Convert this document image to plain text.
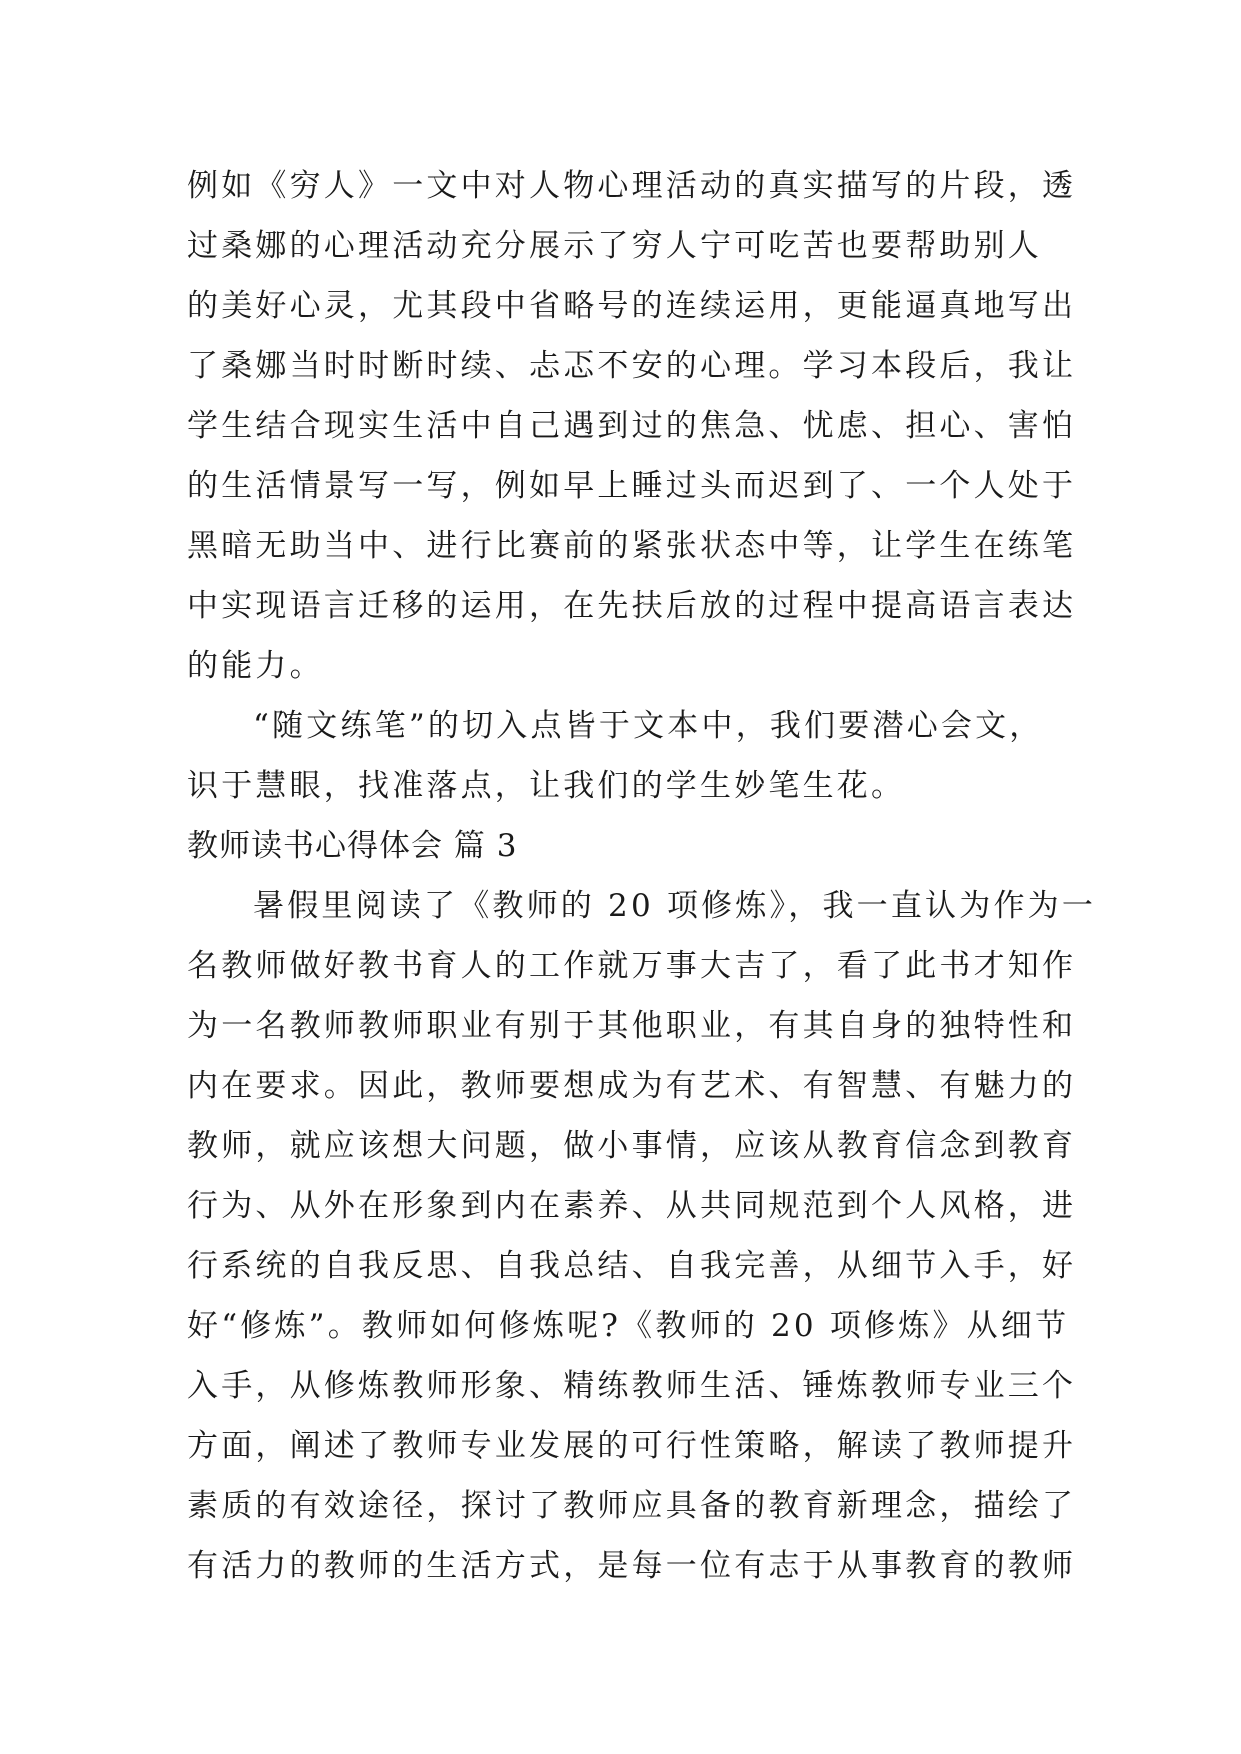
例如《穷人》一文中对人物心理活动的真实描写的片段，透
过桑娜的心理活动充分展示了穷人宁可吃苦也要帮助别人
的美好心灵，尤其段中省略号的连续运用，更能逼真地写出
了桑娜当时时断时续、忐忑不安的心理。学习本段后，我让
学生结合现实生活中自己遇到过的焦急、忧虑、担心、害怕
的生活情景写一写，例如早上睡过头而迟到了、一个人处于
黑暗无助当中、进行比赛前的紧张状态中等，让学生在练笔
中实现语言迁移的运用，在先扶后放的过程中提高语言表达
的能力。
“随文练笔”的切入点皆于文本中，我们要潜心会文，
识于慧眼，找准落点，让我们的学生妙笔生花。
教师读书心得体会 篇 3
暑假里阅读了《教师的 20 项修炼》，我一直认为作为一
名教师做好教书育人的工作就万事大吉了，看了此书才知作
为一名教师教师职业有别于其他职业，有其自身的独特性和
内在要求。因此，教师要想成为有艺术、有智慧、有魅力的
教师，就应该想大问题，做小事情，应该从教育信念到教育
行为、从外在形象到内在素养、从共同规范到个人风格，进
行系统的自我反思、自我总结、自我完善，从细节入手，好
好“修炼”。教师如何修炼呢?《教师的 20 项修炼》从细节
入手，从修炼教师形象、精练教师生活、锤炼教师专业三个
方面，阐述了教师专业发展的可行性策略，解读了教师提升
素质的有效途径，探讨了教师应具备的教育新理念，描绘了
有活力的教师的生活方式，是每一位有志于从事教育的教师
